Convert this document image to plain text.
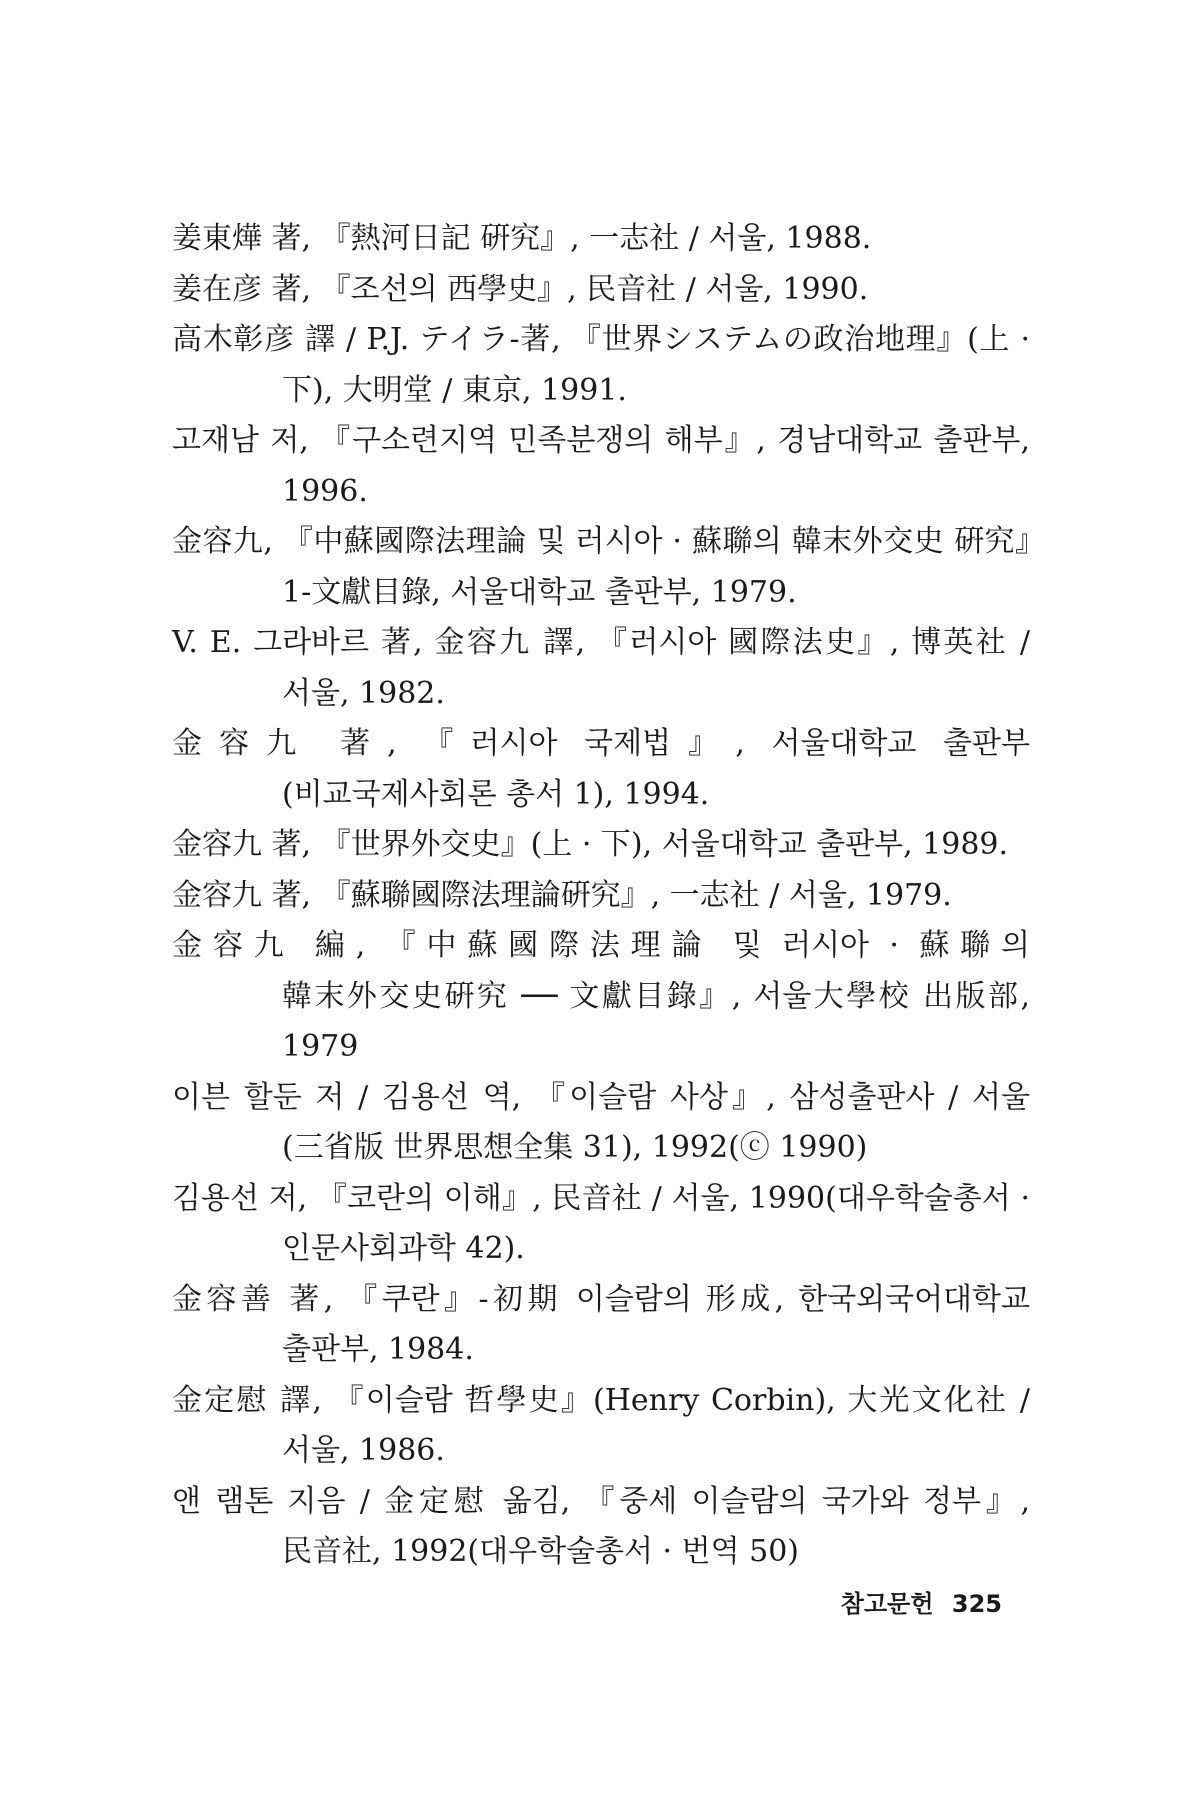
姜東燁 著, 『熱河日記 硏究』, 一志社 / 서울, 1988.
姜在彦 著, 『조선의 西學史』, 民音社 / 서울, 1990.
高木彰彦 譯 / P.J. テイラ-著, 『世界システムの政治地理』(上 · 下), 大明堂 / 東京, 1991.
고재남 저, 『구소련지역 민족분쟁의 해부』, 경남대학교 출판부, 1996.
金容九, 『中蘇國際法理論 및 러시아 · 蘇聯의 韓末外交史 硏究』1-文獻目錄, 서울대학교 출판부, 1979.
V. E. 그라바르 著, 金容九 譯, 『러시아 國際法史』, 博英社 / 서울, 1982.
金容九 著, 『러시아 국제법』, 서울대학교 출판부(비교국제사회론 총서 1), 1994.
金容九 著, 『世界外交史』(上 · 下), 서울대학교 출판부, 1989.
金容九 著, 『蘇聯國際法理論硏究』, 一志社 / 서울, 1979.
金容九 編, 『中蘇國際法理論 및 러시아 · 蘇聯의 韓末外交史硏究 ── 文獻目錄』, 서울大學校 出版部, 1979
이븐 할둔 저 / 김용선 역, 『이슬람 사상』, 삼성출판사 / 서울(三省版 世界思想全集 31), 1992(ⓒ 1990)
김용선 저, 『코란의 이해』, 民音社 / 서울, 1990(대우학술총서 · 인문사회과학 42).
金容善 著, 『쿠란』-初期 이슬람의 形成, 한국외국어대학교 출판부, 1984.
金定慰 譯, 『이슬람 哲學史』(Henry Corbin), 大光文化社 / 서울, 1986.
앤 램톤 지음 / 金定慰 옮김, 『중세 이슬람의 국가와 정부』, 民音社, 1992(대우학술총서 · 번역 50)
참고문헌 325
